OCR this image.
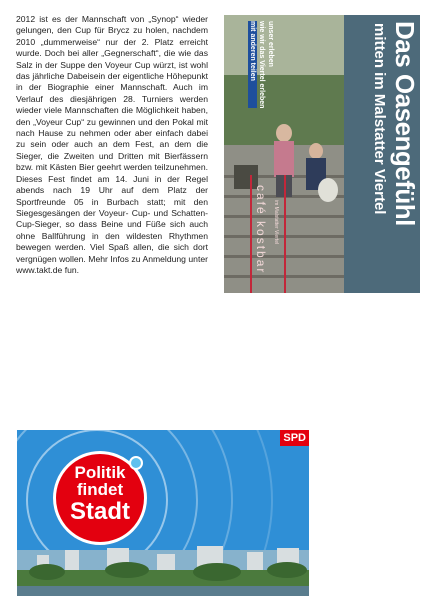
2012 ist es der Mannschaft von „Synop“ wieder gelungen, den Cup für Brycz zu holen, nachdem 2010 „dummerweise“ nur der 2. Platz erreicht wurde. Doch bei aller „Gegnerschaft“, die wie das Salz in der Suppe den Voyeur Cup würzt, ist wohl das jährliche Dabeisein der eigentliche Höhepunkt in der Biographie einer Mannschaft. Auch im Verlauf des diesjährigen 28. Turniers werden wieder viele Mannschaften die Möglichkeit haben, den „Voyeur Cup“ zu gewinnen und den Pokal mit nach Hause zu nehmen oder aber einfach dabei zu sein oder auch an dem Fest, an dem die Sieger, die Zweiten und Dritten mit Bierfässern bzw. mit Kästen Bier geehrt werden teilzunehmen. Dieses Fest findet am 14. Juni in der Regel abends nach 19 Uhr auf dem Platz der Sportfreunde 05 in Burbach statt; mit den Siegesgesängen der Voyeur- Cup- und Schatten-Cup-Sieger, so dass Beine und Füße sich auch ohne Ballführung in den wildesten Rhythmen bewegen werden. Viel Spaß allen, die sich dort vergnügen wollen. Mehr Infos zu Anmeldung unter www.takt.de fun.

Das Oasengefühl
mitten im Malstatter Viertel
unser erleben
wie wir das Viertel erleben
mit anderen teilen
café kostbar im Malstatter Viertel
SPD
Politik
findet
Stadt
